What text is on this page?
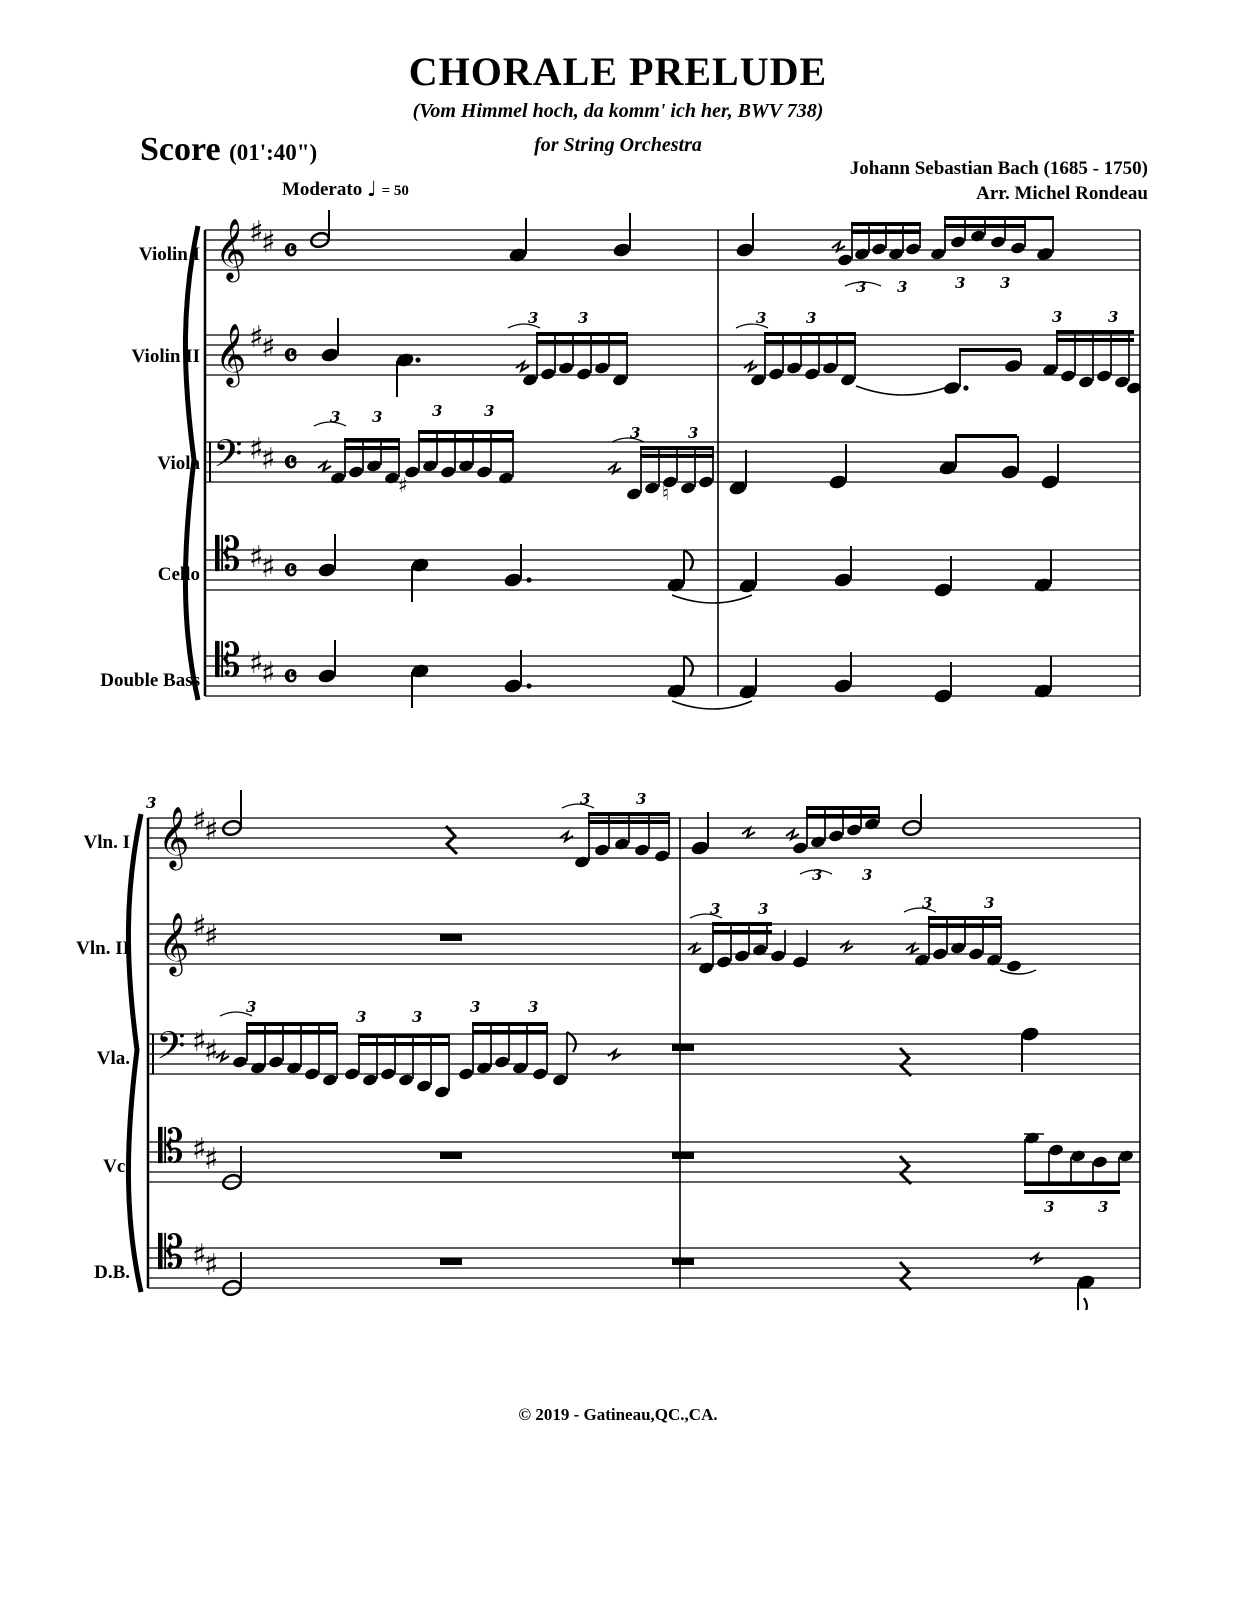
CHORALE PRELUDE
(Vom Himmel hoch, da komm' ich her, BWV 738)
for String Orchestra
Score (01':40")
Johann Sebastian Bach (1685 - 1750)
Arr. Michel Rondeau
Moderato ♩ = 50
Violin I
Violin II
Viola
Cello
Double Bass
𝄞
𝄞
𝄢
𝄡
𝄡
♯
♯
♯
♯
♯
♯
♯
♯
♯
♯
𝄴
𝄴
𝄴
𝄴
𝄴
3 3	3 3
3	3	3	3	3	3
♯
3 3	3	3
♮
3	3
Vln. I
Vln. II
Vla.
Vc.
D.B.
𝄞
𝄞
𝄢
𝄡
𝄡
♯
♯
♯
♯
♯
♯
♯
♯
♯
♯
3	3	3
3	3
3	3	3	3
3
3	3
3	3
3	3
© 2019 - Gatineau,QC.,CA.
